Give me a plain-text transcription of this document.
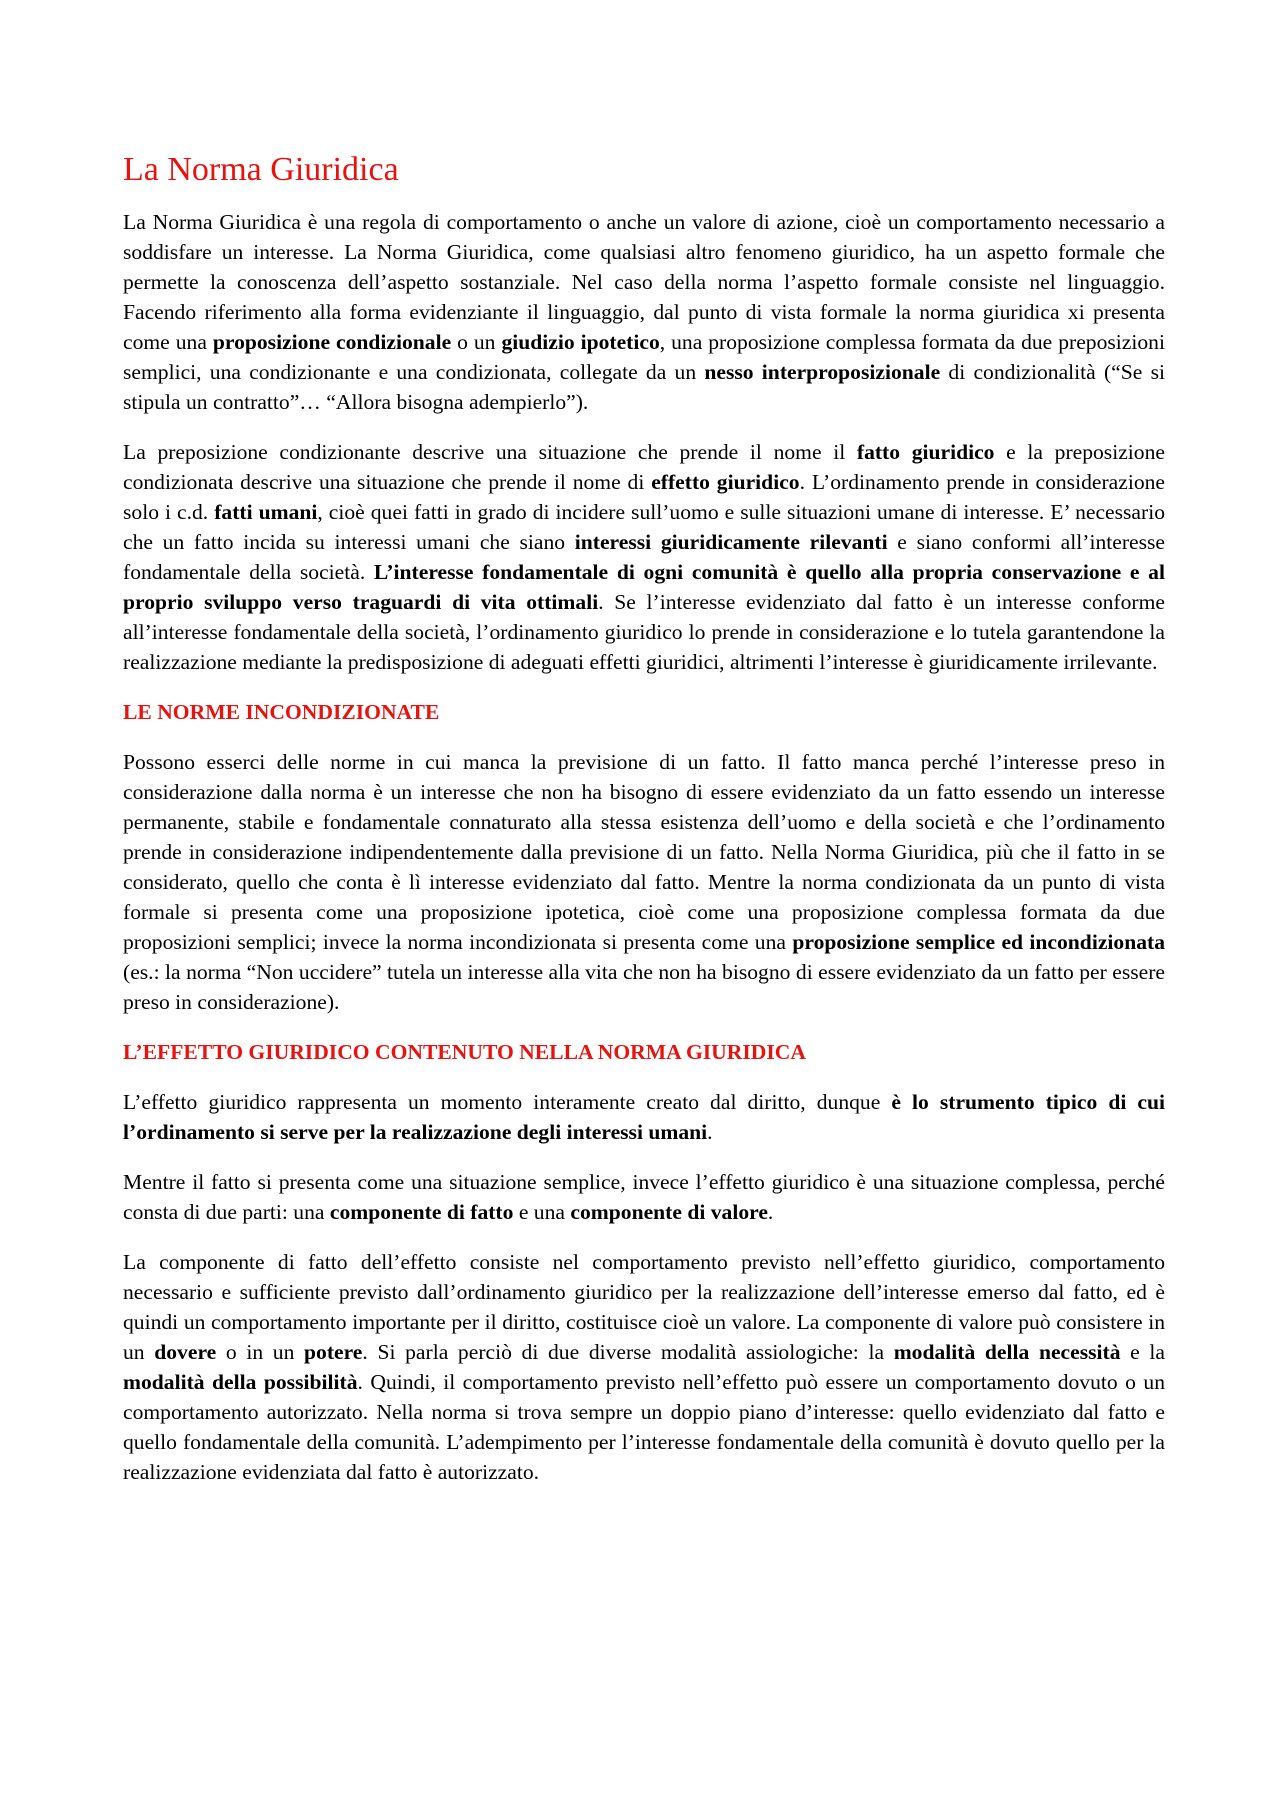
La Norma Giuridica

La Norma Giuridica è una regola di comportamento o anche un valore di azione, cioè un comportamento necessario a soddisfare un interesse. La Norma Giuridica, come qualsiasi altro fenomeno giuridico, ha un aspetto formale che permette la conoscenza dell’aspetto sostanziale. Nel caso della norma l’aspetto formale consiste nel linguaggio. Facendo riferimento alla forma evidenziante il linguaggio, dal punto di vista formale la norma giuridica xi presenta come una proposizione condizionale o un giudizio ipotetico, una proposizione complessa formata da due preposizioni semplici, una condizionante e una condizionata, collegate da un nesso interproposizionale di condizionalità (“Se si stipula un contratto”… “Allora bisogna adempierlo”).

La preposizione condizionante descrive una situazione che prende il nome il fatto giuridico e la preposizione condizionata descrive una situazione che prende il nome di effetto giuridico. L’ordinamento prende in considerazione solo i c.d. fatti umani, cioè quei fatti in grado di incidere sull’uomo e sulle situazioni umane di interesse. E’ necessario che un fatto incida su interessi umani che siano interessi giuridicamente rilevanti e siano conformi all’interesse fondamentale della società. L’interesse fondamentale di ogni comunità è quello alla propria conservazione e al proprio sviluppo verso traguardi di vita ottimali. Se l’interesse evidenziato dal fatto è un interesse conforme all’interesse fondamentale della società, l’ordinamento giuridico lo prende in considerazione e lo tutela garantendone la realizzazione mediante la predisposizione di adeguati effetti giuridici, altrimenti l’interesse è giuridicamente irrilevante.

LE NORME INCONDIZIONATE

Possono esserci delle norme in cui manca la previsione di un fatto. Il fatto manca perché l’interesse preso in considerazione dalla norma è un interesse che non ha bisogno di essere evidenziato da un fatto essendo un interesse permanente, stabile e fondamentale connaturato alla stessa esistenza dell’uomo e della società e che l’ordinamento prende in considerazione indipendentemente dalla previsione di un fatto. Nella Norma Giuridica, più che il fatto in se considerato, quello che conta è lì interesse evidenziato dal fatto. Mentre la norma condizionata da un punto di vista formale si presenta come una proposizione ipotetica, cioè come una proposizione complessa formata da due proposizioni semplici; invece la norma incondizionata si presenta come una proposizione semplice ed incondizionata (es.: la norma “Non uccidere” tutela un interesse alla vita che non ha bisogno di essere evidenziato da un fatto per essere preso in considerazione).

L’EFFETTO GIURIDICO CONTENUTO NELLA NORMA GIURIDICA

L’effetto giuridico rappresenta un momento interamente creato dal diritto, dunque è lo strumento tipico di cui l’ordinamento si serve per la realizzazione degli interessi umani.

Mentre il fatto si presenta come una situazione semplice, invece l’effetto giuridico è una situazione complessa, perché consta di due parti: una componente di fatto e una componente di valore.

La componente di fatto dell’effetto consiste nel comportamento previsto nell’effetto giuridico, comportamento necessario e sufficiente previsto dall’ordinamento giuridico per la realizzazione dell’interesse emerso dal fatto, ed è quindi un comportamento importante per il diritto, costituisce cioè un valore. La componente di valore può consistere in un dovere o in un potere. Si parla perciò di due diverse modalità assiologiche: la modalità della necessità e la modalità della possibilità. Quindi, il comportamento previsto nell’effetto può essere un comportamento dovuto o un comportamento autorizzato. Nella norma si trova sempre un doppio piano d’interesse: quello evidenziato dal fatto e quello fondamentale della comunità. L’adempimento per l’interesse fondamentale della comunità è dovuto quello per la realizzazione evidenziata dal fatto è autorizzato.
